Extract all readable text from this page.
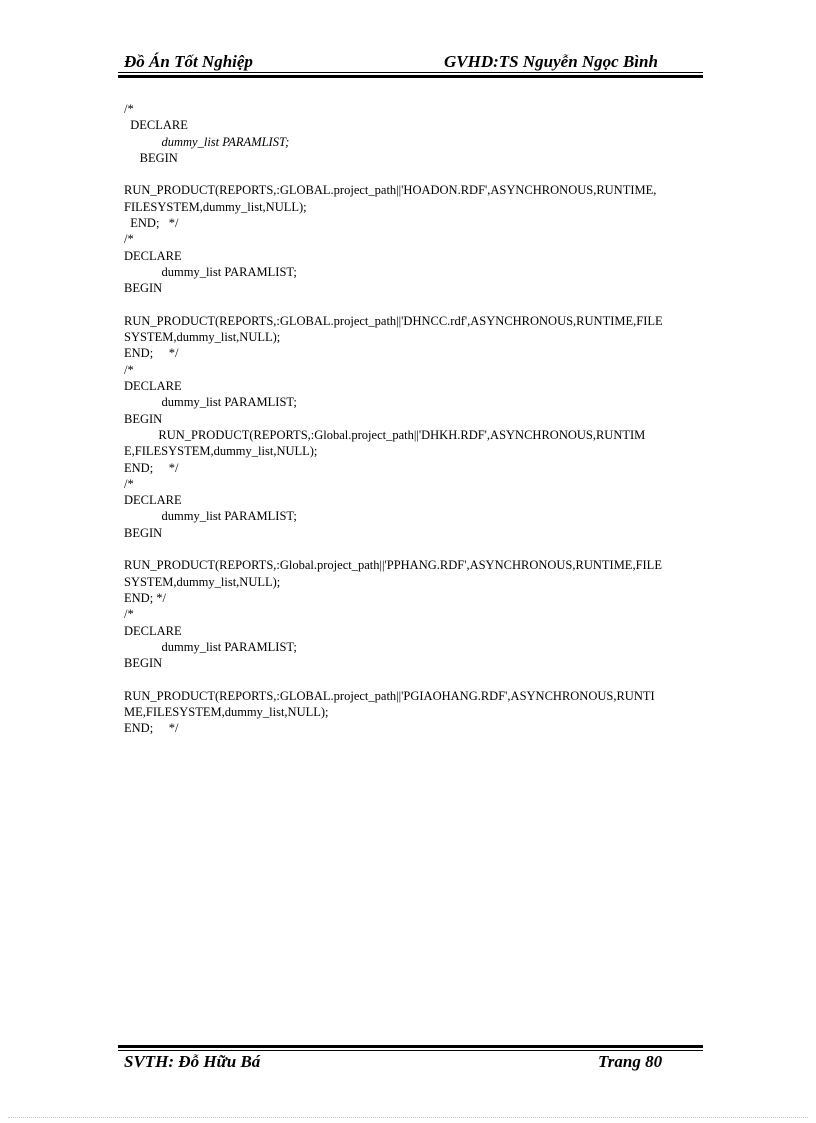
Đồ Án Tốt Nghiệp	GVHD:TS Nguyễn Ngọc Bình
/*
DECLARE
dummy_list PARAMLIST;
BEGIN
RUN_PRODUCT(REPORTS,:GLOBAL.project_path||'HOADON.RDF',ASYNCHRONOUS,RUNTIME,
FILESYSTEM,dummy_list,NULL);
END;   */
/*
DECLARE
dummy_list PARAMLIST;
BEGIN
RUN_PRODUCT(REPORTS,:GLOBAL.project_path||'DHNCC.rdf',ASYNCHRONOUS,RUNTIME,FILE
SYSTEM,dummy_list,NULL);
END;     */
/*
DECLARE
dummy_list PARAMLIST;
BEGIN
RUN_PRODUCT(REPORTS,:Global.project_path||'DHKH.RDF',ASYNCHRONOUS,RUNTIM
E,FILESYSTEM,dummy_list,NULL);
END;     */
/*
DECLARE
dummy_list PARAMLIST;
BEGIN
RUN_PRODUCT(REPORTS,:Global.project_path||'PPHANG.RDF',ASYNCHRONOUS,RUNTIME,FILE
SYSTEM,dummy_list,NULL);
END; */
/*
DECLARE
dummy_list PARAMLIST;
BEGIN
RUN_PRODUCT(REPORTS,:GLOBAL.project_path||'PGIAOHANG.RDF',ASYNCHRONOUS,RUNTI
ME,FILESYSTEM,dummy_list,NULL);
END;     */
SVTH: Đỗ Hữu Bá	Trang 80
